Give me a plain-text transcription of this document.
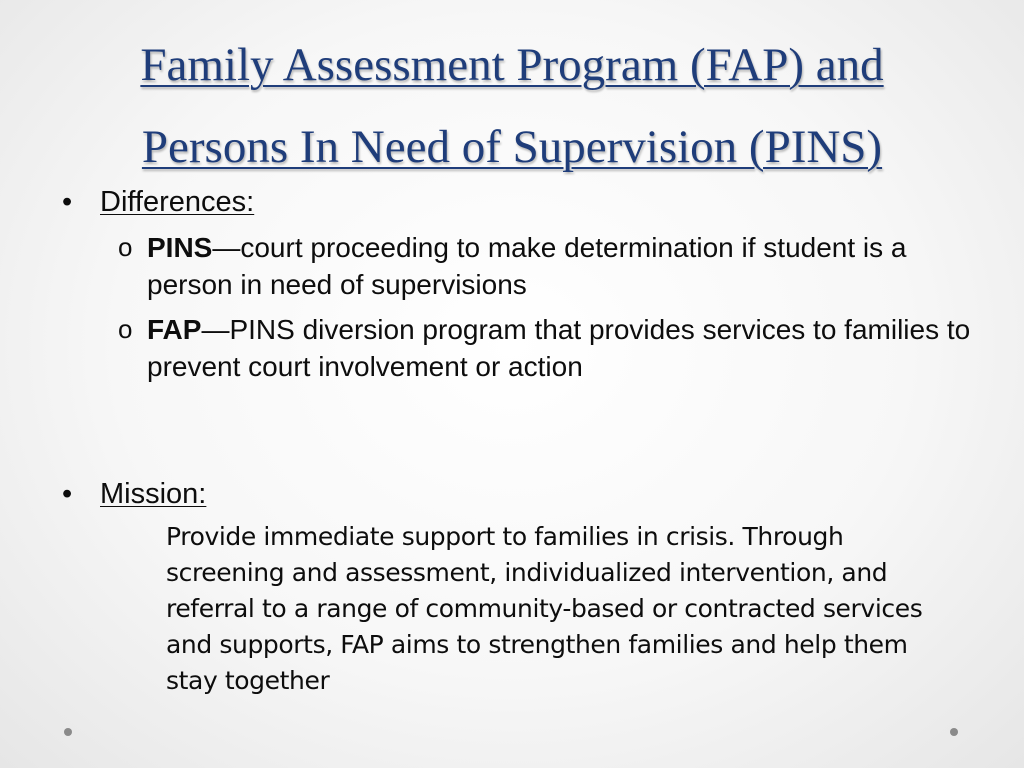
Family Assessment Program (FAP) and
Persons In Need of Supervision (PINS)
• Differences:
o PINS—court proceeding to make determination if student is a person in need of supervisions
o FAP—PINS diversion program that provides services to families to prevent court involvement or action
• Mission:
Provide immediate support to families in crisis. Through screening and assessment, individualized intervention, and referral to a range of community-based or contracted services and supports, FAP aims to strengthen families and help them stay together
